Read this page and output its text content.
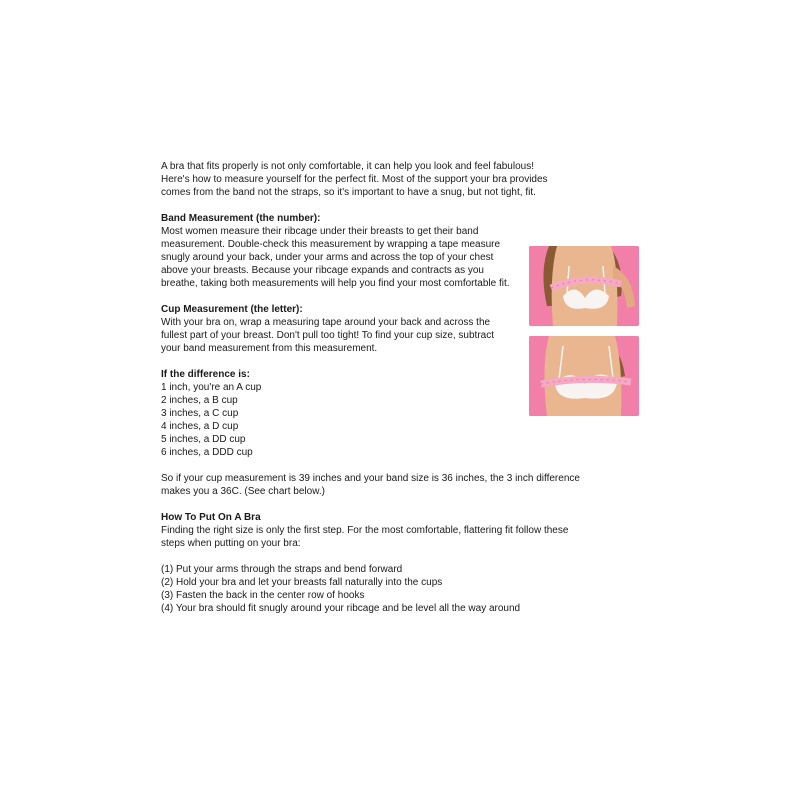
A bra that fits properly is not only comfortable, it can help you look and feel fabulous!
Here's how to measure yourself for the perfect fit. Most of the support your bra provides
comes from the band not the straps, so it's important to have a snug, but not tight, fit.

Band Measurement (the number):
Most women measure their ribcage under their breasts to get their band
measurement. Double-check this measurement by wrapping a tape measure
snugly around your back, under your arms and across the top of your chest
above your breasts. Because your ribcage expands and contracts as you
breathe, taking both measurements will help you find your most comfortable fit.
Cup Measurement (the letter):
With your bra on, wrap a measuring tape around your back and across the
fullest part of your breast. Don't pull too tight! To find your cup size, subtract
your band measurement from this measurement.
If the difference is:
1 inch, you're an A cup
2 inches, a B cup
3 inches, a C cup
4 inches, a D cup
5 inches, a DD cup
6 inches, a DDD cup

So if your cup measurement is 39 inches and your band size is 36 inches, the 3 inch difference
makes you a 36C. (See chart below.)

How To Put On A Bra
Finding the right size is only the first step. For the most comfortable, flattering fit follow these
steps when putting on your bra:
(1) Put your arms through the straps and bend forward
(2) Hold your bra and let your breasts fall naturally into the cups
(3) Fasten the back in the center row of hooks
(4) Your bra should fit snugly around your ribcage and be level all the way around
